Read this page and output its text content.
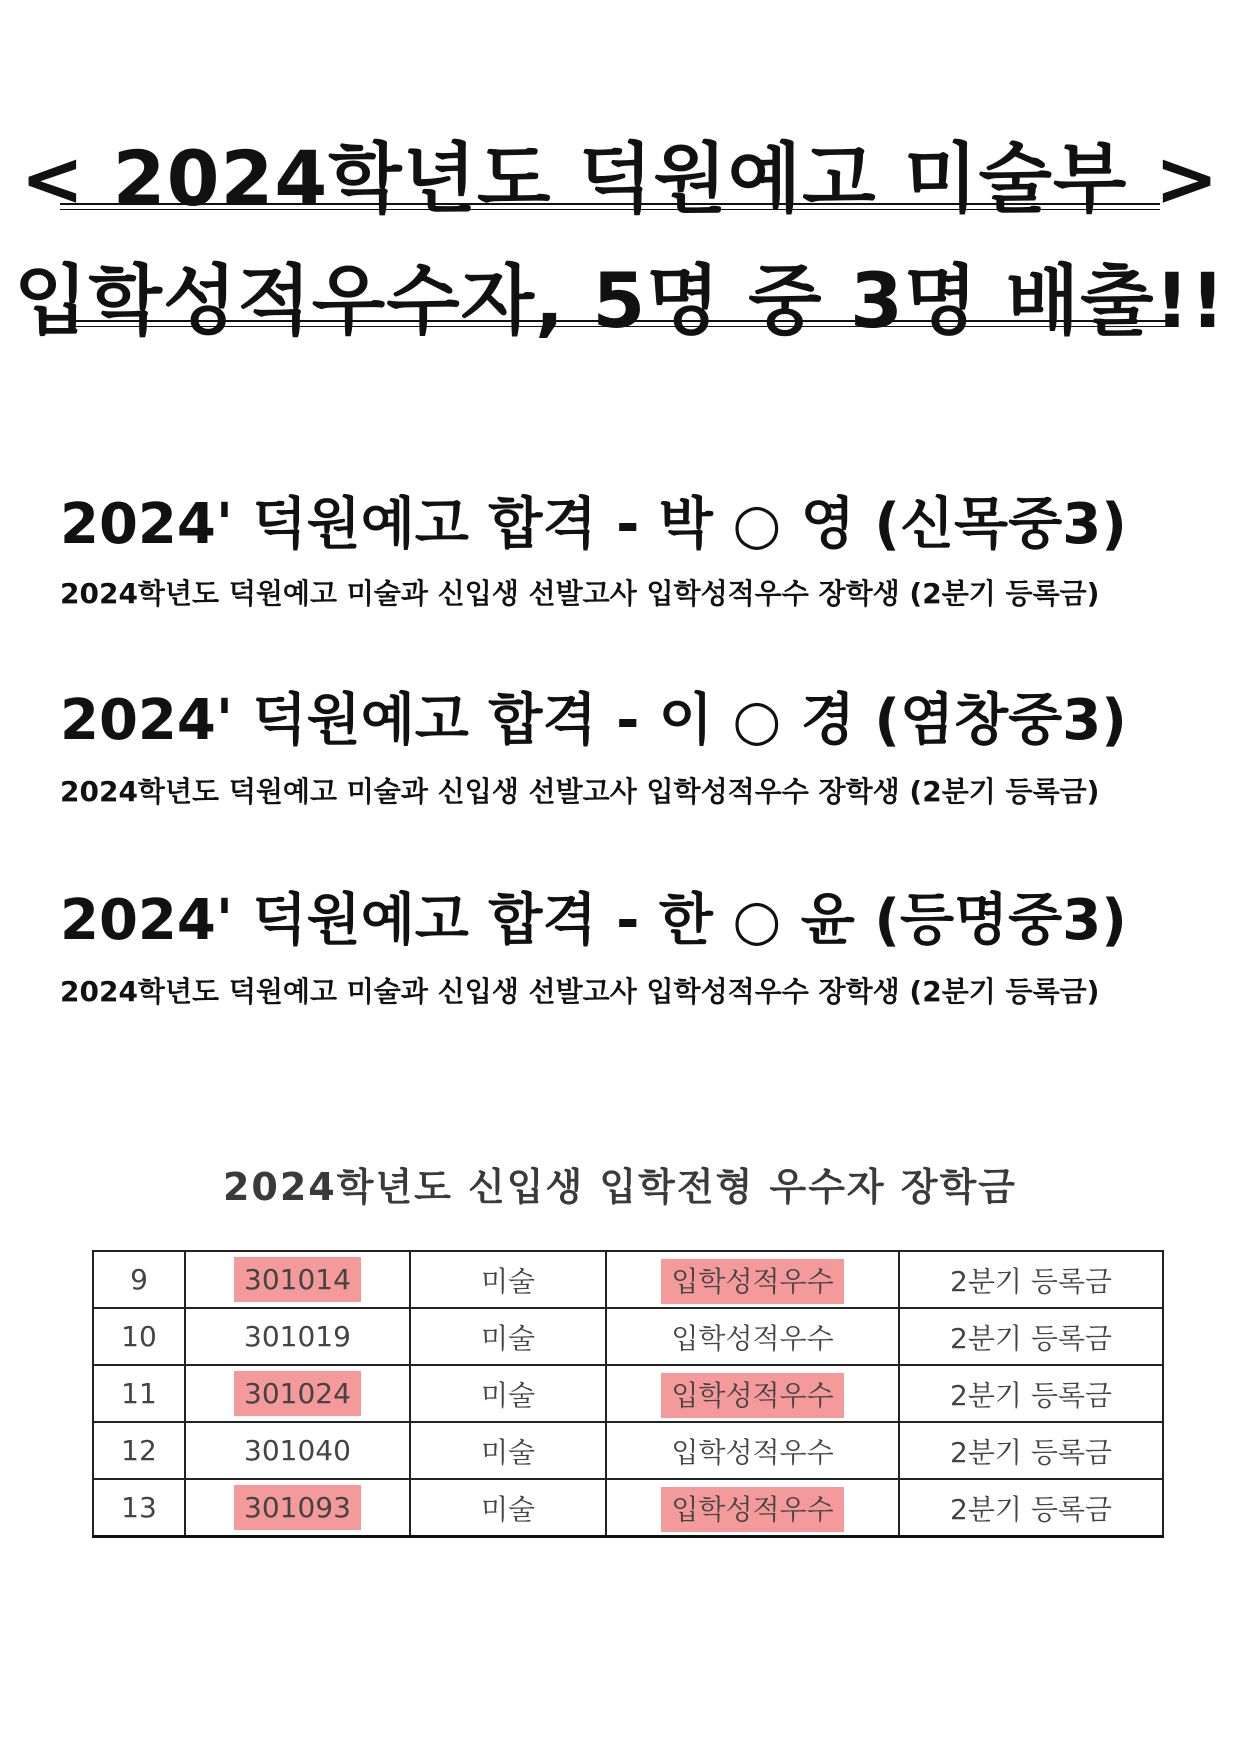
< 2024학년도 덕원예고 미술부 >
입학성적우수자, 5명 중 3명 배출!!
2024' 덕원예고 합격 - 박 ○ 영 (신목중3)
2024학년도 덕원예고 미술과 신입생 선발고사 입학성적우수 장학생 (2분기 등록금)
2024' 덕원예고 합격 - 이 ○ 경 (염창중3)
2024학년도 덕원예고 미술과 신입생 선발고사 입학성적우수 장학생 (2분기 등록금)
2024' 덕원예고 합격 - 한 ○ 윤 (등명중3)
2024학년도 덕원예고 미술과 신입생 선발고사 입학성적우수 장학생 (2분기 등록금)
2024학년도 신입생 입학전형 우수자 장학금
9	301014	미술	입학성적우수	2분기 등록금
10	301019	미술	입학성적우수	2분기 등록금
11	301024	미술	입학성적우수	2분기 등록금
12	301040	미술	입학성적우수	2분기 등록금
13	301093	미술	입학성적우수	2분기 등록금
